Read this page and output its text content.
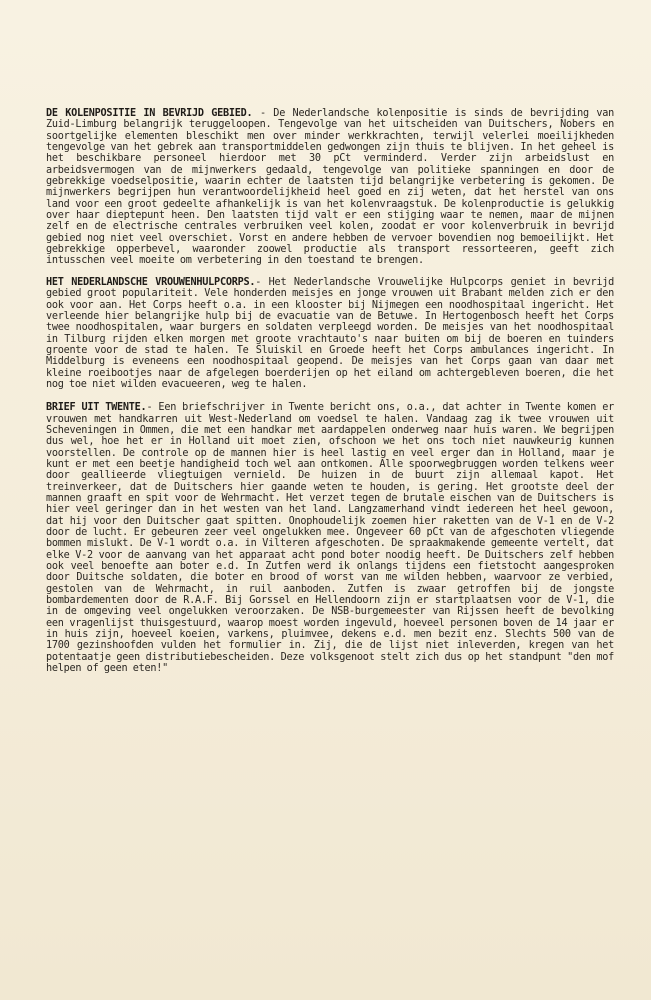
DE KOLENPOSITIE IN BEVRIJD GEBIED. - De Nederlandsche kolenpositie is sinds de bevrijding van Zuid-Limburg belangrijk teruggeloopen. Tengevolge van het uitscheiden van Duitschers, Nobers en soortgelijke elementen bleschikt men over minder werkkrachten, terwijl velerlei moeilijkheden tengevolge van het gebrek aan transportmiddelen gedwongen zijn thuis te blijven. In het geheel is het beschikbare personeel hierdoor met 30 pCt verminderd. Verder zijn arbeidslust en arbeidsvermogen van de mijnwerkers gedaald, tengevolge van politieke spanningen en door de gebrekkige voedselpositie, waarin echter de laatsten tijd belangrijke verbetering is gekomen. De mijnwerkers begrijpen hun verantwoordelijkheid heel goed en zij weten, dat het herstel van ons land voor een groot gedeelte afhankelijk is van het kolenvraagstuk. De kolenproductie is gelukkig over haar dieptepunt heen. Den laatsten tijd valt er een stijging waar te nemen, maar de mijnen zelf en de electrische centrales verbruiken veel kolen, zoodat er voor kolenverbruik in bevrijd gebied nog niet veel overschiet. Vorst en andere hebben de vervoer bovendien nog bemoeilijkt. Het gebrekkige opperbevel, waaronder zoowel productie als transport ressorteeren, geeft zich intusschen veel moeite om verbetering in den toestand te brengen.

HET NEDERLANDSCHE VROUWENHULPCORPS.- Het Nederlandsche Vrouwelijke Hulpcorps geniet in bevrijd gebied groot populariteit. Vele honderden meisjes en jonge vrouwen uit Brabant melden zich er den ook voor aan. Het Corps heeft o.a. in een klooster bij Nijmegen een noodhospitaal ingericht. Het verleende hier belangrijke hulp bij de evacuatie van de Betuwe. In Hertogenbosch heeft het Corps twee noodhospitalen, waar burgers en soldaten verpleegd worden. De meisjes van het noodhospitaal in Tilburg rijden elken morgen met groote vrachtauto's naar buiten om bij de boeren en tuinders groente voor de stad te halen. Te Sluiskil en Groede heeft het Corps ambulances ingericht. In Middelburg is eveneens een noodhospitaal geopend. De meisjes van het Corps gaan van daar met kleine roeibootjes naar de afgelegen boerderijen op het eiland om achtergebleven boeren, die het nog toe niet wilden evacueeren, weg te halen.

BRIEF UIT TWENTE.- Een briefschrijver in Twente bericht ons, o.a., dat achter in Twente komen er vrouwen met handkarren uit West-Nederland om voedsel te halen. Vandaag zag ik twee vrouwen uit Scheveningen in Ommen, die met een handkar met aardappelen onderweg naar huis waren. We begrijpen dus wel, hoe het er in Holland uit moet zien, ofschoon we het ons toch niet nauwkeurig kunnen voorstellen. De controle op de mannen hier is heel lastig en veel erger dan in Holland, maar je kunt er met een beetje handigheid toch wel aan ontkomen. Alle spoorwegbruggen worden telkens weer door geallieerde vliegtuigen vernield. De huizen in de buurt zijn allemaal kapot. Het treinverkeer, dat de Duitschers hier gaande weten te houden, is gering. Het grootste deel der mannen graaft en spit voor de Wehrmacht. Het verzet tegen de brutale eischen van de Duitschers is hier veel geringer dan in het westen van het land. Langzamerhand vindt iedereen het heel gewoon, dat hij voor den Duitscher gaat spitten. Onophoudelijk zoemen hier raketten van de V-1 en de V-2 door de lucht. Er gebeuren zeer veel ongelukken mee. Ongeveer 60 pCt van de afgeschoten vliegende bommen mislukt. De V-1 wordt o.a. in Vilteren afgeschoten. De spraakmakende gemeente vertelt, dat elke V-2 voor de aanvang van het apparaat acht pond boter noodig heeft. De Duitschers zelf hebben ook veel benoefte aan boter e.d. In Zutfen werd ik onlangs tijdens een fietstocht aangesproken door Duitsche soldaten, die boter en brood of worst van me wilden hebben, waarvoor ze verbied, gestolen van de Wehrmacht, in ruil aanboden. Zutfen is zwaar getroffen bij de jongste bombardementen door de R.A.F. Bij Gorssel en Hellendoorn zijn er startplaatsen voor de V-1, die in de omgeving veel ongelukken veroorzaken. De NSB-burgemeester van Rijssen heeft de bevolking een vragenlijst thuisgestuurd, waarop moest worden ingevuld, hoeveel personen boven de 14 jaar er in huis zijn, hoeveel koeien, varkens, pluimvee, dekens e.d. men bezit enz. Slechts 500 van de 1700 gezinshoofden vulden het formulier in. Zij, die de lijst niet inleverden, kregen van het potentaatje geen distributiebescheiden. Deze volksgenoot stelt zich dus op het standpunt "den mof helpen of geen eten!"
